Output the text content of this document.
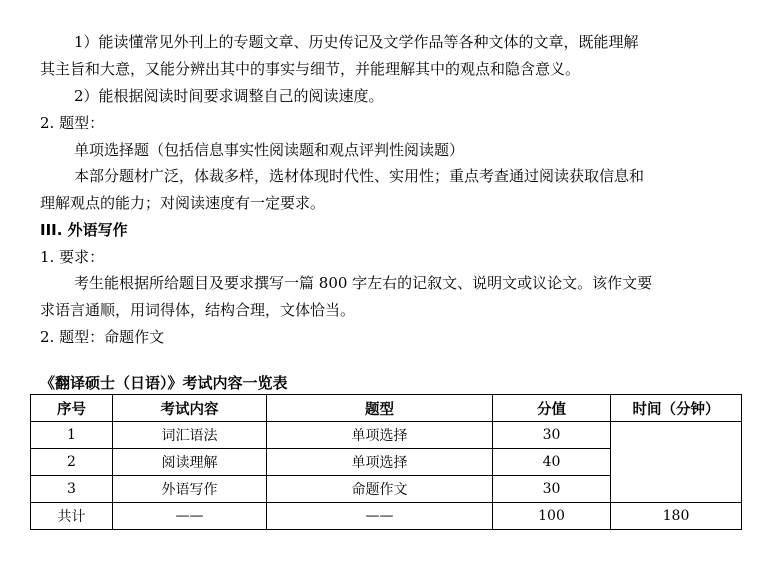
1）能读懂常见外刊上的专题文章、历史传记及文学作品等各种文体的文章，既能理解
其主旨和大意，又能分辨出其中的事实与细节，并能理解其中的观点和隐含意义。
2）能根据阅读时间要求调整自己的阅读速度。
2. 题型：
单项选择题（包括信息事实性阅读题和观点评判性阅读题）
本部分题材广泛，体裁多样，选材体现时代性、实用性；重点考查通过阅读获取信息和
理解观点的能力；对阅读速度有一定要求。
III. 外语写作
1. 要求：
考生能根据所给题目及要求撰写一篇 800 字左右的记叙文、说明文或议论文。该作文要
求语言通顺，用词得体，结构合理，文体恰当。
2. 题型：命题作文
《翻译硕士（日语）》考试内容一览表
序号	考试内容	题型	分值	时间（分钟）
1	词汇语法	单项选择	30	
2	阅读理解	单项选择	40	
3	外语写作	命题作文	30	
共计	——	——	100	180
